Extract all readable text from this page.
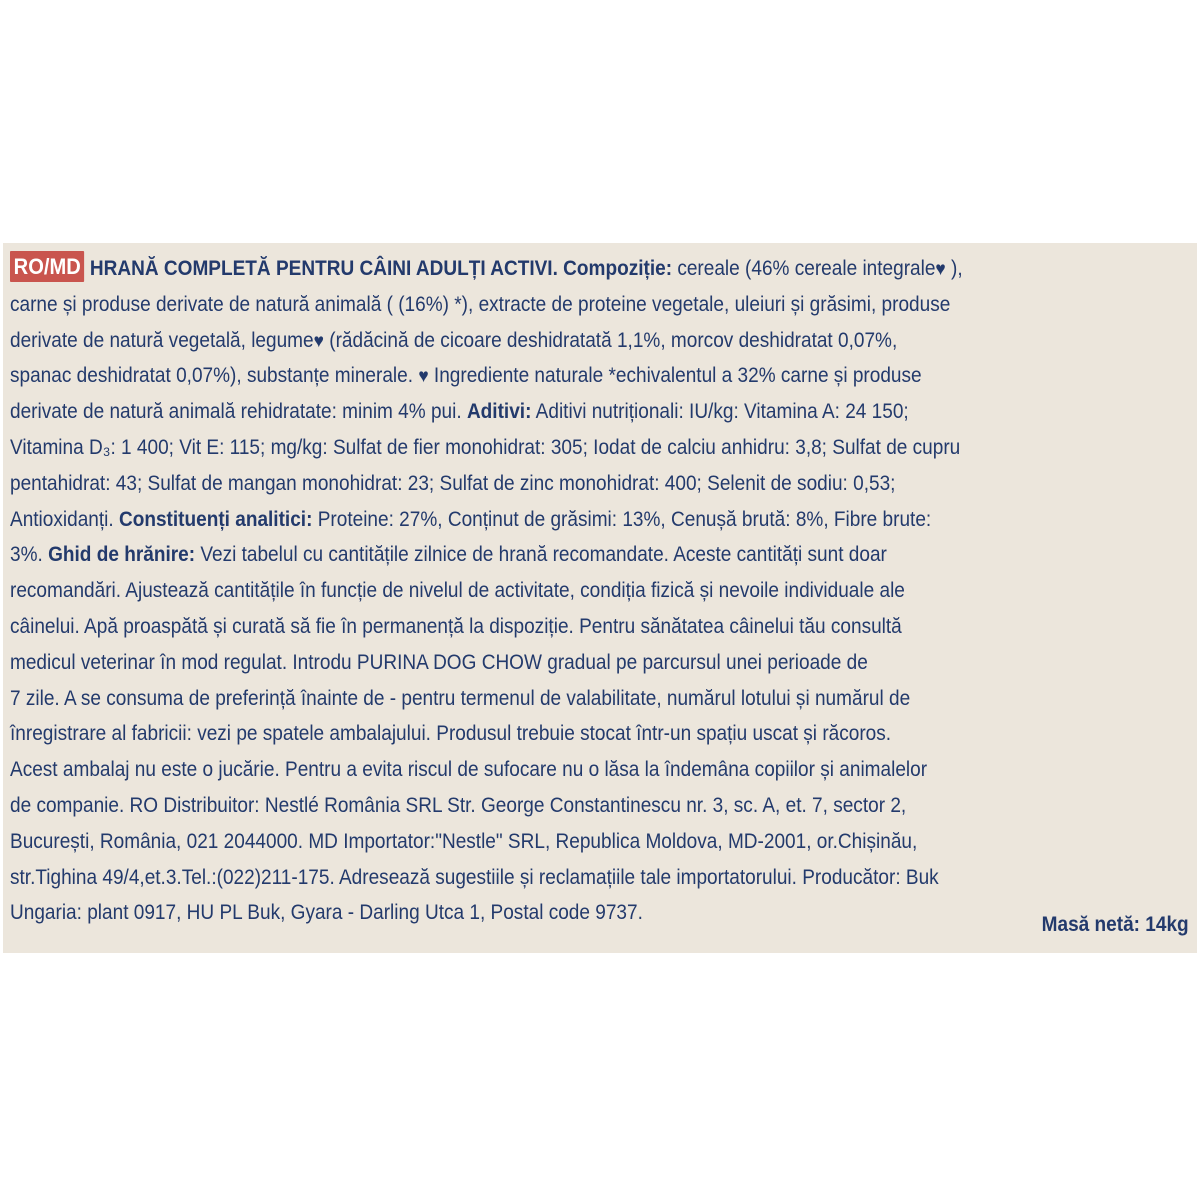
RO/MD HRANĂ COMPLETĂ PENTRU CÂINI ADULȚI ACTIVI. Compoziție: cereale (46% cereale integrale♥ ),
carne și produse derivate de natură animală ( (16%) *), extracte de proteine vegetale, uleiuri și grăsimi, produse
derivate de natură vegetală, legume♥ (rădăcină de cicoare deshidratată 1,1%, morcov deshidratat 0,07%,
spanac deshidratat 0,07%), substanțe minerale. ♥ Ingrediente naturale *echivalentul a 32% carne și produse
derivate de natură animală rehidratate: minim 4% pui. Aditivi: Aditivi nutriționali: IU/kg: Vitamina A: 24 150;
Vitamina D₃: 1 400; Vit E: 115; mg/kg: Sulfat de fier monohidrat: 305; Iodat de calciu anhidru: 3,8; Sulfat de cupru
pentahidrat: 43; Sulfat de mangan monohidrat: 23; Sulfat de zinc monohidrat: 400; Selenit de sodiu: 0,53;
Antioxidanți. Constituenți analitici: Proteine: 27%, Conținut de grăsimi: 13%, Cenușă brută: 8%, Fibre brute:
3%. Ghid de hrănire: Vezi tabelul cu cantitățile zilnice de hrană recomandate. Aceste cantități sunt doar
recomandări. Ajustează cantitățile în funcție de nivelul de activitate, condiția fizică și nevoile individuale ale
câinelui. Apă proaspătă și curată să fie în permanență la dispoziție. Pentru sănătatea câinelui tău consultă
medicul veterinar în mod regulat. Introdu PURINA DOG CHOW gradual pe parcursul unei perioade de
7 zile. A se consuma de preferință înainte de - pentru termenul de valabilitate, numărul lotului și numărul de
înregistrare al fabricii: vezi pe spatele ambalajului. Produsul trebuie stocat într-un spațiu uscat și răcoros.
Acest ambalaj nu este o jucărie. Pentru a evita riscul de sufocare nu o lăsa la îndemâna copiilor și animalelor
de companie. RO Distribuitor: Nestlé România SRL Str. George Constantinescu nr. 3, sc. A, et. 7, sector 2,
București, România, 021 2044000. MD Importator:"Nestle" SRL, Republica Moldova, MD-2001, or.Chișinău,
str.Tighina 49/4,et.3.Tel.:(022)211-175. Adresează sugestiile și reclamațiile tale importatorului. Producător: Buk
Ungaria: plant 0917, HU PL Buk, Gyara - Darling Utca 1, Postal code 9737.
Masă netă: 14kg
